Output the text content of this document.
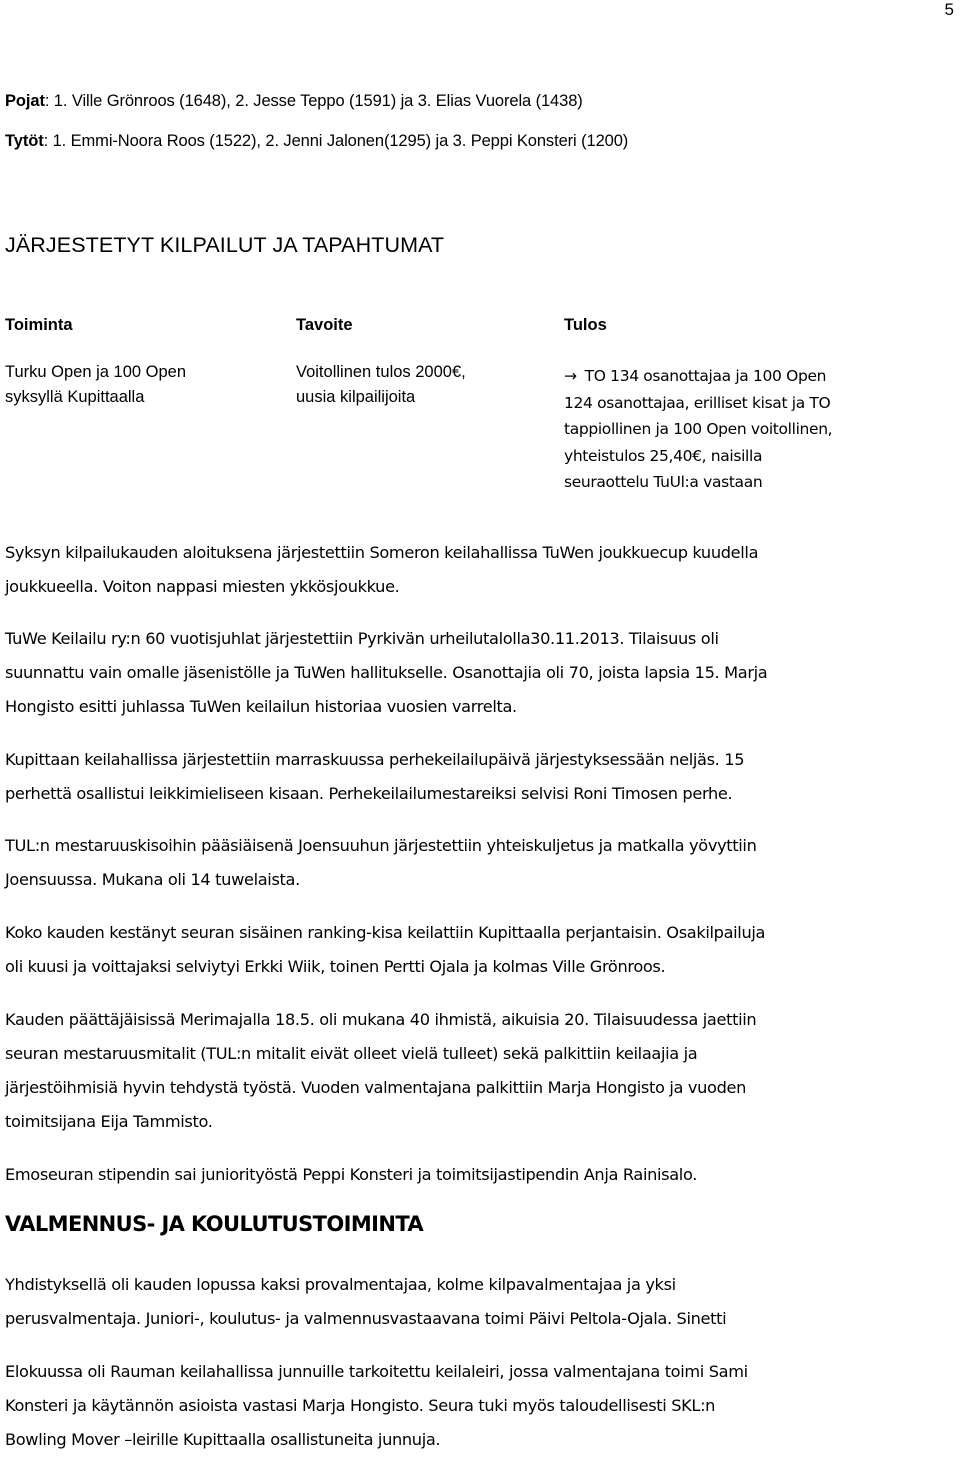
5

Pojat: 1. Ville Grönroos (1648), 2. Jesse Teppo (1591) ja 3. Elias Vuorela (1438)

Tytöt: 1. Emmi-Noora Roos (1522), 2. Jenni Jalonen(1295) ja 3. Peppi Konsteri (1200)

JÄRJESTETYT KILPAILUT JA TAPAHTUMAT
Toiminta	Tavoite	Tulos
Turku Open ja 100 Open
syksyllä Kupittaalla
Voitollinen tulos 2000€,
uusia kilpailijoita
→ TO 134 osanottajaa ja 100 Open
124 osanottajaa, erilliset kisat ja TO
tappiollinen ja 100 Open voitollinen,
yhteistulos 25,40€, naisilla
seuraottelu TuUl:a vastaan
Syksyn kilpailukauden aloituksena järjestettiin Someron keilahallissa TuWen joukkuecup kuudella
joukkueella. Voiton nappasi miesten ykkösjoukkue.
TuWe Keilailu ry:n 60 vuotisjuhlat järjestettiin Pyrkivän urheilutalolla30.11.2013. Tilaisuus oli
suunnattu vain omalle jäsenistölle ja TuWen hallitukselle. Osanottajia oli 70, joista lapsia 15. Marja
Hongisto esitti juhlassa TuWen keilailun historiaa vuosien varrelta.
Kupittaan keilahallissa järjestettiin marraskuussa perhekeilailupäivä järjestyksessään neljäs. 15
perhettä osallistui leikkimieliseen kisaan. Perhekeilailumestareiksi selvisi Roni Timosen perhe.
TUL:n mestaruuskisoihin pääsiäisenä Joensuuhun järjestettiin yhteiskuljetus ja matkalla yövyttiin
Joensuussa. Mukana oli 14 tuwelaista.
Koko kauden kestänyt seuran sisäinen ranking-kisa keilattiin Kupittaalla perjantaisin. Osakilpailuja
oli kuusi ja voittajaksi selviytyi Erkki Wiik, toinen Pertti Ojala ja kolmas Ville Grönroos.
Kauden päättäjäisissä Merimajalla 18.5. oli mukana 40 ihmistä, aikuisia 20. Tilaisuudessa jaettiin
seuran mestaruusmitalit (TUL:n mitalit eivät olleet vielä tulleet) sekä palkittiin keilaajia ja
järjestöihmisiä hyvin tehdystä työstä. Vuoden valmentajana palkittiin Marja Hongisto ja vuoden
toimitsijana Eija Tammisto.
Emoseuran stipendin sai juniorityöstä Peppi Konsteri ja toimitsijastipendin Anja Rainisalo.
VALMENNUS- JA KOULUTUSTOIMINTA
Yhdistyksellä oli kauden lopussa kaksi provalmentajaa, kolme kilpavalmentajaa ja yksi
perusvalmentaja. Juniori-, koulutus- ja valmennusvastaavana toimi Päivi Peltola-Ojala. Sinetti
Elokuussa oli Rauman keilahallissa junnuille tarkoitettu keilaleiri, jossa valmentajana toimi Sami
Konsteri ja käytännön asioista vastasi Marja Hongisto. Seura tuki myös taloudellisesti SKL:n
Bowling Mover –leirille Kupittaalla osallistuneita junnuja.
